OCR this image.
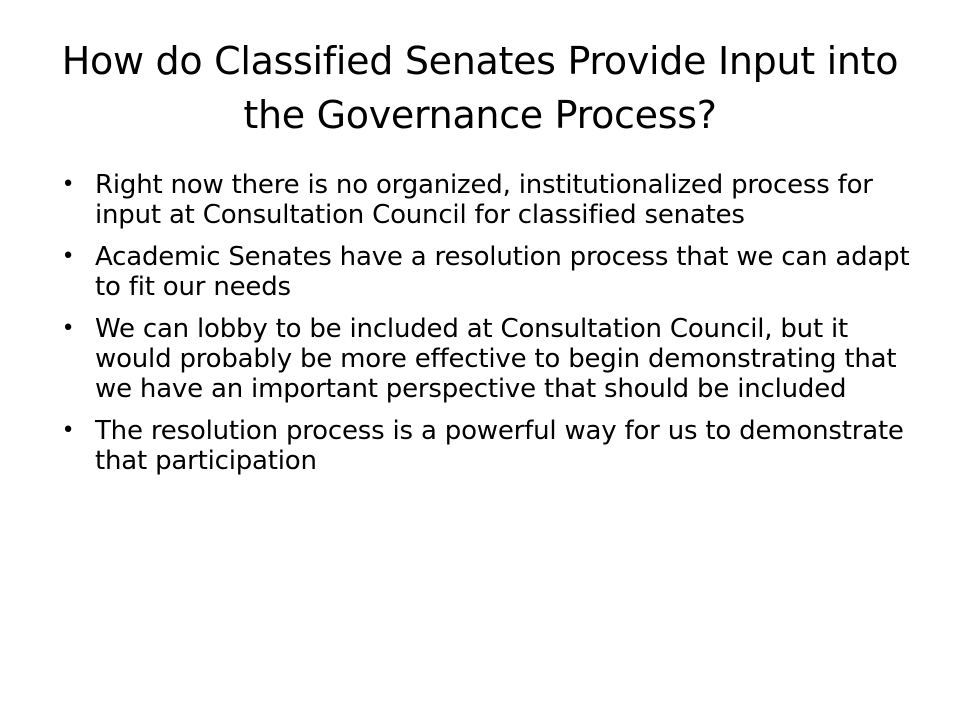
How do Classified Senates Provide Input into the Governance Process?
• Right now there is no organized, institutionalized process for input at Consultation Council for classified senates
• Academic Senates have a resolution process that we can adapt to fit our needs
• We can lobby to be included at Consultation Council, but it would probably be more effective to begin demonstrating that we have an important perspective that should be included
• The resolution process is a powerful way for us to demonstrate that participation
